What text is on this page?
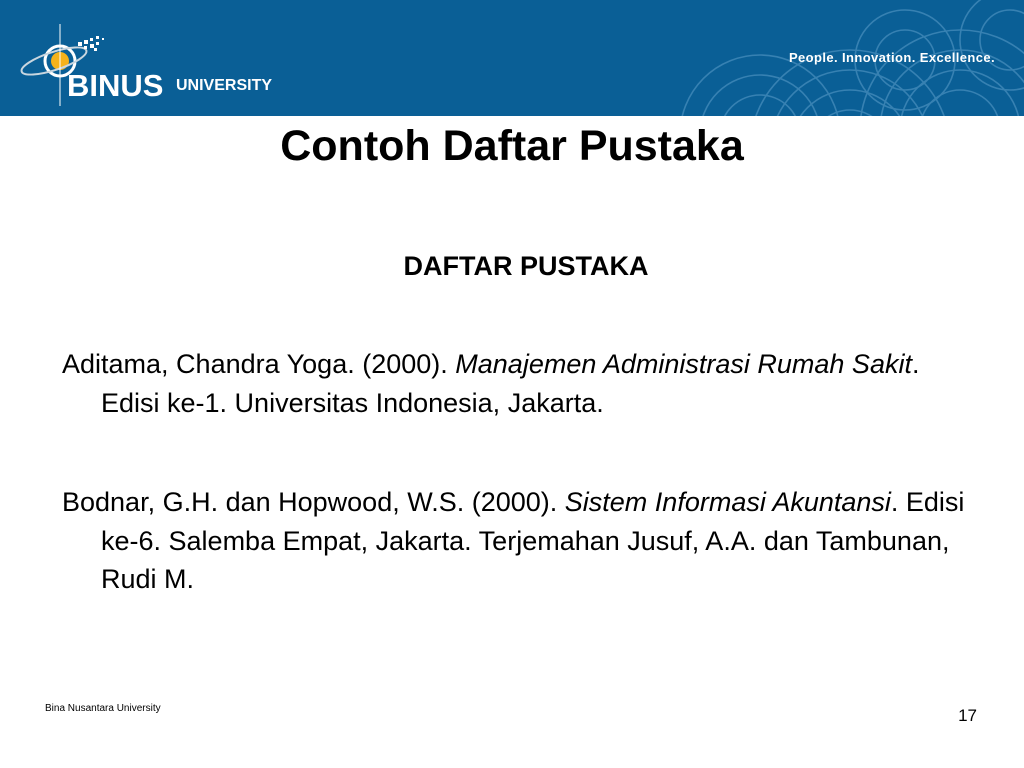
BINUS UNIVERSITY
People. Innovation. Excellence.
Contoh Daftar Pustaka
DAFTAR PUSTAKA
Aditama, Chandra Yoga. (2000). Manajemen Administrasi Rumah Sakit. Edisi ke-1. Universitas Indonesia, Jakarta.
Bodnar, G.H. dan Hopwood, W.S. (2000). Sistem Informasi Akuntansi. Edisi ke-6. Salemba Empat, Jakarta. Terjemahan Jusuf, A.A. dan Tambunan, Rudi M.
Bina Nusantara University	17
